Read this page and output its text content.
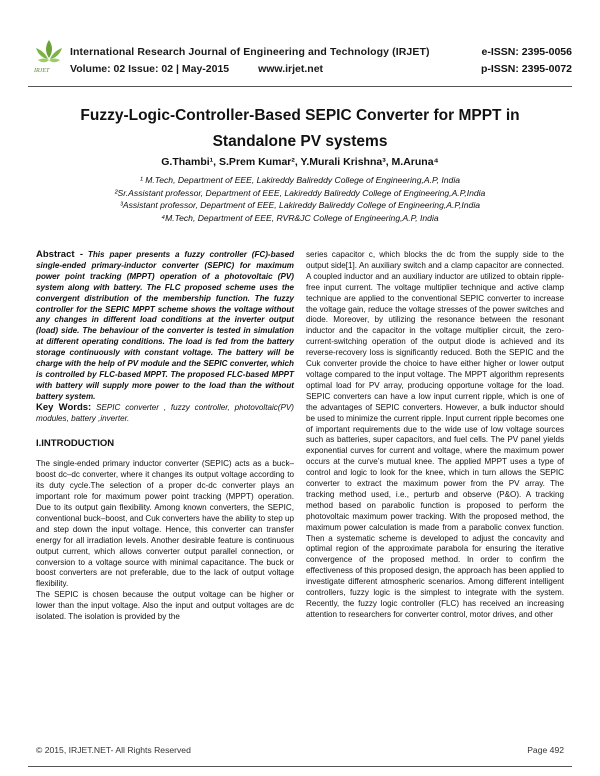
IRJET
International Research Journal of Engineering and Technology (IRJET)
Volume: 02 Issue: 02 | May-2015	www.irjet.net
e-ISSN: 2395-0056
p-ISSN: 2395-0072
Fuzzy-Logic-Controller-Based SEPIC Converter for MPPT in
Standalone PV systems
G.Thambi¹, S.Prem Kumar², Y.Murali Krishna³, M.Aruna⁴
¹ M.Tech, Department of EEE, Lakireddy Balireddy College of Engineering,A.P, India
²Sr.Assistant professor, Department of EEE, Lakireddy Balireddy College of Engineering,A.P,India
³Assistant professor, Department of EEE, Lakireddy Balireddy College of Engineering,A.P,India
⁴M.Tech, Department of EEE, RVR&JC College of Engineering,A.P, India

Abstract - This paper presents a fuzzy controller (FC)-based single-ended primary-inductor converter (SEPIC) for maximum power point tracking (MPPT) operation of a photovoltaic (PV) system along with battery. The FLC proposed scheme uses the convergent distribution of the membership function. The fuzzy controller for the SEPIC MPPT scheme shows the voltage without any changes in different load conditions at the inverter output (load) side. The behaviour of the converter is tested in simulation at different operating conditions. The load is fed from the battery storage continuously with constant voltage. The battery will be charge with the help of PV module and the SEPIC converter, which is controlled by FLC-based MPPT. The proposed FLC-based MPPT with battery will supply more power to the load than the without battery system.

Key Words: SEPIC converter , fuzzy controller, photovoltaic(PV) modules, battery ,inverter.

I.INTRODUCTION

The single-ended primary inductor converter (SEPIC) acts as a buck–boost dc–dc converter, where it changes its output voltage according to its duty cycle.The selection of a proper dc-dc converter plays an important role for maximum power point tracking (MPPT) operation. Due to its output gain flexibility. Among known converters, the SEPIC, conventional buck–boost, and Cuk converters have the ability to step up and step down the input voltage. Hence, this converter can transfer energy for all irradiation levels. Another desirable feature is continuous output current, which allows converter output parallel connection, or conversion to a voltage source with minimal capacitance. The buck or boost converters are not preferable, due to the lack of output voltage flexibility.

The SEPIC is chosen because the output voltage can be higher or lower than the input voltage. Also the input and output voltages are dc isolated. The isolation is provided by the

series capacitor c, which blocks the dc from the supply side to the output side[1]. An auxiliary switch and a clamp capacitor are connected. A coupled inductor and an auxiliary inductor are utilized to obtain ripple-free input current. The voltage multiplier technique and active clamp technique are applied to the conventional SEPIC converter to increase the voltage gain, reduce the voltage stresses of the power switches and diode. Moreover, by utilizing the resonance between the resonant inductor and the capacitor in the voltage multiplier circuit, the zero-current-switching operation of the output diode is achieved and its reverse-recovery loss is significantly reduced. Both the SEPIC and the Cuk converter provide the choice to have either higher or lower output voltage compared to the input voltage. The MPPT algorithm represents optimal load for PV array, producing opportune voltage for the load. SEPIC converters can have a low input current ripple, which is one of the advantages of SEPIC converters. However, a bulk inductor should be used to minimize the current ripple. Input current ripple becomes one of important requirements due to the wide use of low voltage sources such as batteries, super capacitors, and fuel cells. The PV panel yields exponential curves for current and voltage, where the maximum power occurs at the curve’s mutual knee. The applied MPPT uses a type of control and logic to look for the knee, which in turn allows the SEPIC converter to extract the maximum power from the PV array. The tracking method used, i.e., perturb and observe (P&O). A tracking method based on parabolic function is proposed to perform the photovoltaic maximum power tracking. With the proposed method, the maximum power calculation is made from a parabolic convex function. Then a systematic scheme is developed to adjust the concavity and optimal region of the approximate parabola for ensuring the iterative convergence of the proposed method. In order to confirm the effectiveness of this proposed design, the approach has been applied to investigate different atmospheric scenarios. Among different intelligent controllers, fuzzy logic is the simplest to integrate with the system. Recently, the fuzzy logic controller (FLC) has received an increasing attention to researchers for converter control, motor drives, and other

© 2015, IRJET.NET- All Rights Reserved	Page 492
